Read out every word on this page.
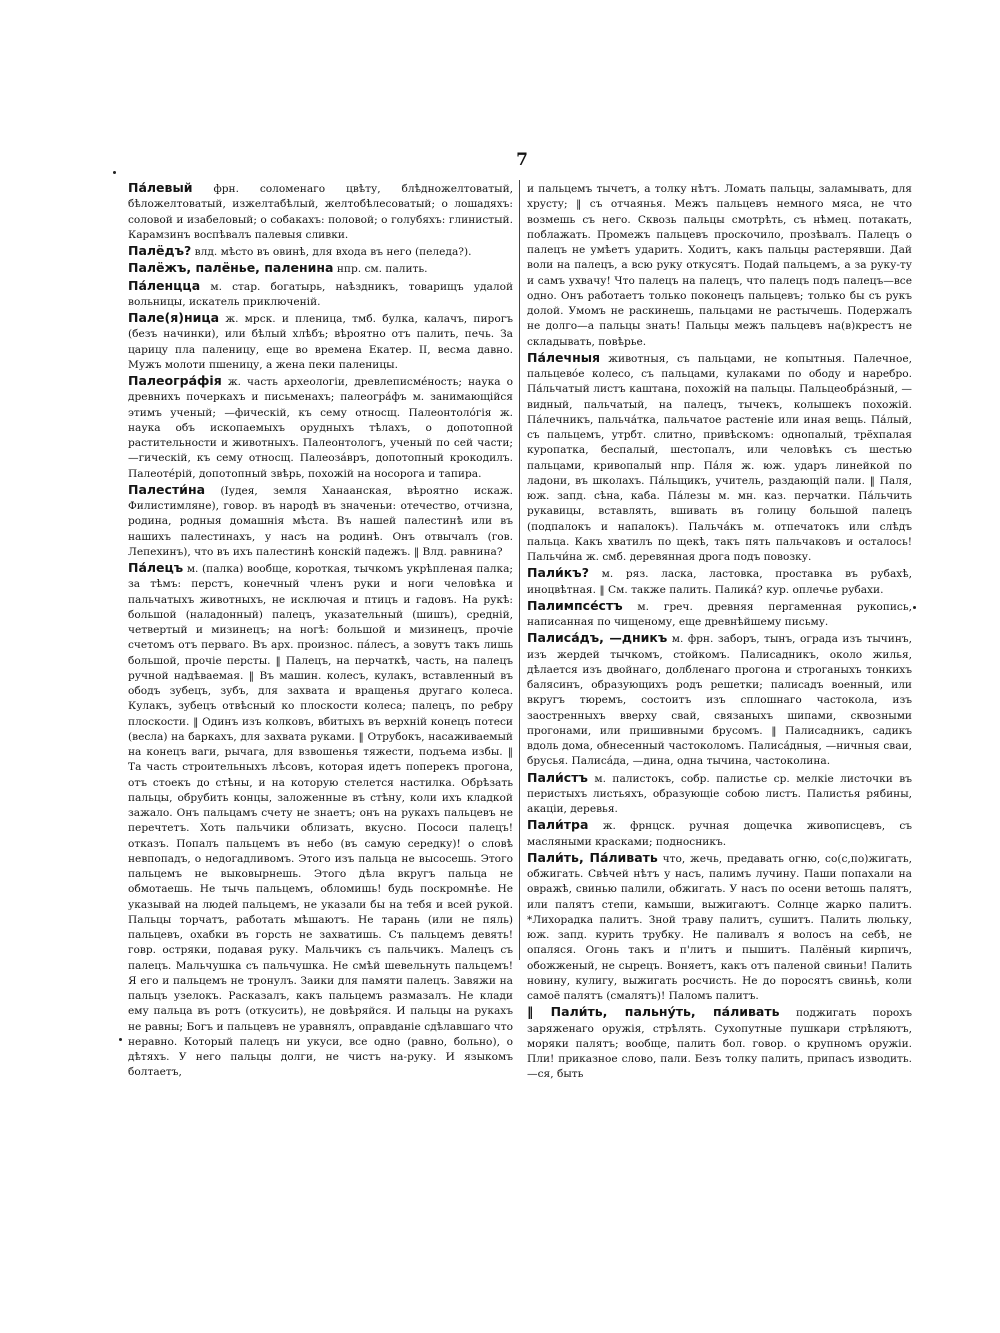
7

Па́левый фрн. соломенаго цвѣту, блѣдножелтоватый, бѣложелтоватый, изжелтабѣлый, желтобѣлесоватый; о лошадяхъ: соловой и изабеловый; о собакахъ: половой; о голубяхъ: глинистый. Карамзинъ воспѣвалъ палевыя сливки.

Палёдъ? влд. мѣсто въ овинѣ, для входа въ него (пеледа?).

Палёжъ, палёнье, паленина нпр. см. палить.

Па́ленцца м. стар. богатырь, наѣздникъ, товарищъ удалой вольницы, искатель приключеній.

Пале(я)ница ж. мрск. и пленица, тмб. булка, калачъ, пирогъ (безъ начинки), или бѣлый хлѣбъ; вѣроятно отъ палить, печь. За царицу пла паленицу, еще во времена Екатер. II, весма давно. Мужъ молоти пшеницу, а жена пеки паленицы.

Палеогра́фія ж. часть археологіи, древлеписме́ность; наука о древнихъ почеркахъ и письменахъ; палеогра́фъ м. занимающійся этимъ ученый; —фическій, къ сему относщ. Палеонтоло́гія ж. наука объ ископаемыхъ орудныхъ тѣлахъ, о допотопной растительности и животныхъ. Палеонтологъ, ученый по сей части; —гическій, къ сему относщ. Палеоза́връ, допотопный крокодилъ. Палеотéрій, допотопный звѣрь, похожій на носорога и тапира.

Палести́на (Іудея, земля Ханаанская, вѣроятно искаж. Филистимляне), говор. въ народѣ въ значеньи: отечество, отчизна, родина, родныя домашнія мѣста. Въ нашей палестинѣ или въ нашихъ палестинахъ, у насъ на родинѣ. Онъ отвычалъ (гов. Лепехинъ), что въ ихъ палестинѣ конскій падежъ. ‖ Влд. равнина?

Па́лецъ м. (палка) вообще, короткая, тычкомъ укрѣпленая палка; за тѣмъ: перстъ, конечный членъ руки и ноги человѣка и пальчатыхъ животныхъ, не исключая и птицъ и гадовъ. На рукѣ: большой (наладонный) палецъ, указательный (шишъ), средній, четвертый и мизинецъ; на ногѣ: большой и мизинецъ, прочіе счетомъ отъ перваго. Въ арх. произнос. па́лесъ, а зовутъ такъ лишь большой, прочіе персты. ‖ Палецъ, на перчаткѣ, часть, на палецъ ручной надѣваемая. ‖ Въ машин. колесъ, кулакъ, вставленный въ ободъ зубецъ, зубъ, для захвата и вращенья другаго колеса. Кулакъ, зубецъ отвѣсный ко плоскости колеса; палецъ, по ребру плоскости. ‖ Одинъ изъ колковъ, вбитыхъ въ верхній конецъ потеси (весла) на баркахъ, для захвата руками. ‖ Отрубокъ, насаживаемый на конецъ ваги, рычага, для взвошенья тяжести, подъема избы. ‖ Та часть строительныхъ лѣсовъ, которая идетъ поперекъ прогона, отъ стоекъ до стѣны, и на которую стелется настилка. Обрѣзать пальцы, обрубить концы, заложенные въ стѣну, коли ихъ кладкой зажало. Онъ пальцамъ счету не знаетъ; онъ на рукахъ пальцевъ не перечтетъ. Хоть пальчики облизать, вкусно. Пососи палецъ! отказъ. Попалъ пальцемъ въ небо (въ самую середку)! о словѣ невпопадъ, о недогадливомъ. Этого изъ пальца не высосешь. Этого пальцемъ не выковырнешь. Этого дѣла вкругъ пальца не обмотаешь. Не тычь пальцемъ, обломишь! будь поскромнѣе. Не указывай на людей пальцемъ, не указали бы на тебя и всей рукой. Пальцы торчатъ, работать мѣшаютъ. Не тарань (или не пяль) пальцевъ, охабки въ горсть не захватишь. Съ пальцемъ девять! говр. остряки, подавая руку. Мальчикъ съ пальчикъ. Малецъ съ палецъ. Мальчушка съ пальчушка. Не смѣй шевельнуть пальцемъ! Я его и пальцемъ не тронулъ. Заики для памяти палецъ. Завяжи на пальцъ узелокъ. Расказалъ, какъ пальцемъ размазалъ. Не клади ему пальца въ ротъ (откусить), не довѣряйся. И пальцы на рукахъ не равны; Богъ и пальцевъ не уравнялъ, оправданіе сдѣлавшаго что неравно. Который палецъ ни укуси, все одно (равно, больно), о дѣтяхъ. У него пальцы долги, не чистъ на-руку. И языкомъ болтаетъ,

и пальцемъ тычетъ, а толку нѣтъ. Ломать пальцы, заламывать, для хрусту; ‖ съ отчаянья. Межъ пальцевъ немного мяса, не что возмешь съ него. Сквозь пальцы смотрѣть, съ нѣмец. потакать, поблажать. Промежъ пальцевъ проскочило, прозѣвалъ. Палецъ о палецъ не умѣетъ ударить. Ходитъ, какъ пальцы растерявши. Дай воли на палецъ, а всю руку откусятъ. Подай пальцемъ, а за руку-ту и самъ ухвачу! Что палецъ на палецъ, что палецъ подъ палецъ—все одно. Онъ работаетъ только поконецъ пальцевъ; только бы съ рукъ долой. Умомъ не раскинешь, пальцами не растычешь. Подержалъ не долго—а пальцы знать! Пальцы межъ пальцевъ на(в)крестъ не складывать, повѣрье.

Па́лечныя животныя, съ пальцами, не копытныя. Палечное, пальцево́е колесо, съ пальцами, кулаками по ободу и наребро. Па́льчатый листъ каштана, похожій на пальцы. Пальцеобра́зный, —видный, пальчатый, на палецъ, тычекъ, колышекъ похожій. Па́лечникъ, пальча́тка, пальчатое растеніе или иная вещь. Па́лый, съ пальцемъ, утрбт. слитно, привѣскомъ: однопалый, трёхпалая куропатка, беспалый, шестопалъ, или человѣкъ съ шестью пальцами, кривопалый нпр. Па́ля ж. юж. ударъ линейкой по ладони, въ школахъ. Па́льщикъ, учитель, раздающій пали. ‖ Паля, юж. запд. сѣна, каба. Па́лезы м. мн. каз. перчатки. Па́льчить рукавицы, вставлять, вшивать въ голицу большой палецъ (подпалокъ и напалокъ). Пальча́къ м. отпечатокъ или слѣдъ пальца. Какъ хватилъ по щекѣ, такъ пять пальчаковъ и осталось! Пальчи́на ж. смб. деревянная дрога подъ повозку.

Пали́къ? м. ряз. ласка, ластовка, проставка въ рубахѣ, иноцвѣтная. ‖ См. также палить. Палика́? кур. оплечье рубахи.

Палимпсе́стъ м. греч. древняя пергаменная рукопись, написанная по чищеному, еще древнѣйшему письму.

Палиса́дъ, —дникъ м. фрн. заборъ, тынъ, ограда изъ тычинъ, изъ жердей тычкомъ, стойкомъ. Палисадникъ, около жилья, дѣлается изъ двойнаго, долбленаго прогона и строганыхъ тонкихъ балясинъ, образующихъ родъ решетки; палисадъ военный, или вкругъ тюремъ, состоитъ изъ сплошнаго частокола, изъ заостренныхъ вверху свай, связаныхъ шипами, сквозными прогонами, или пришивными брусомъ. ‖ Палисадникъ, садикъ вдоль дома, обнесенный частоколомъ. Палиса́дныя, —ничныя сваи, брусья. Палиса́да, —дина, одна тычина, частоколина.

Пали́стъ м. палистокъ, собр. палистье ср. мелкіе листочки въ перистыхъ листьяхъ, образующіе собою листъ. Палистья рябины, акаціи, деревья.

Пали́тра ж. фрнцск. ручная дощечка живописцевъ, съ масляными красками; подносникъ.

Пали́ть, Па́ливать что, жечь, предавать огню, со(с,по)жигать, обжигать. Свѣчей нѣтъ у насъ, палимъ лучину. Паши попахали на овражѣ, свинью палили, обжигать. У насъ по осени ветошь палятъ, или палятъ степи, камыши, выжигаютъ. Солнце жарко палитъ. *Лихорадка палитъ. Зной траву палитъ, сушитъ. Палить люльку, юж. запд. курить трубку. Не паливалъ я волосъ на себѣ, не опаляся. Огонь такъ и п'литъ и пышитъ. Палёный кирпичъ, обожженый, не сырецъ. Воняетъ, какъ отъ паленой свиньи! Палить новину, кулигу, выжигать росчисть. Не до поросятъ свиньѣ, коли самоё палятъ (смалятъ)! Паломъ палитъ.

‖ Пали́ть, пальну́ть, па́ливать поджигать порохъ заряженаго оружія, стрѣлять. Сухопутные пушкари стрѣляютъ, моряки палятъ; вообще, палить бол. говор. о крупномъ оружіи. Пли! приказное слово, пали. Безъ толку палить, припасъ изводить. —ся, быть
